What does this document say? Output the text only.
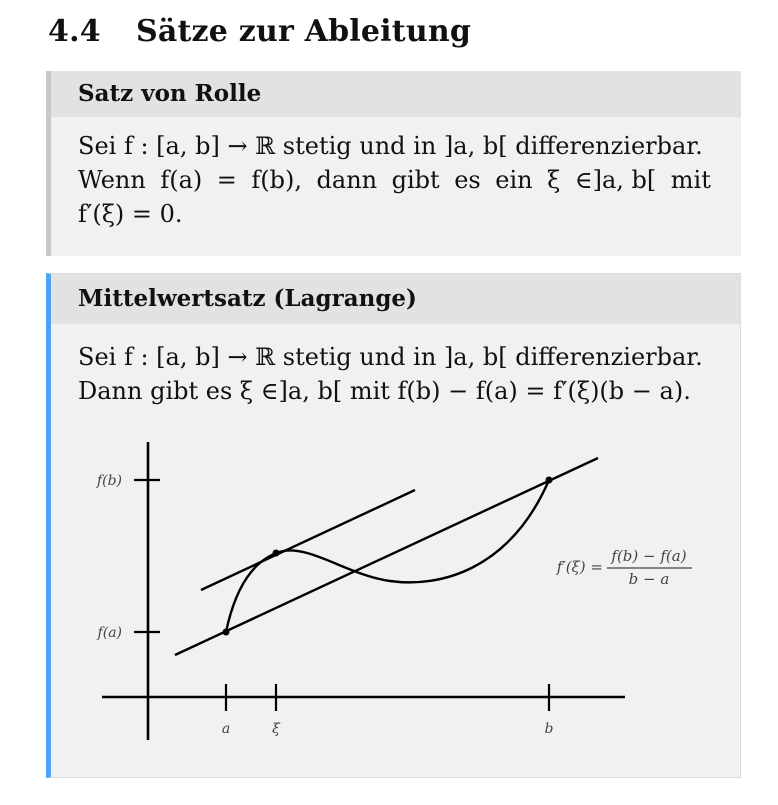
4.4 Sätze zur Ableitung
Satz von Rolle
Sei f : [a, b] → ℝ stetig und in ]a, b[ differenzierbar.
Wenn f(a) = f(b), dann gibt es ein ξ ∈]a, b[ mit
f′(ξ) = 0.
Mittelwertsatz (Lagrange)
Sei f : [a, b] → ℝ stetig und in ]a, b[ differenzierbar.
Dann gibt es ξ ∈]a, b[ mit f(b) − f(a) = f′(ξ)(b − a).
f(b)
f(a)
a	ξ	b
f′(ξ) =
f(b) − f(a)
b − a
